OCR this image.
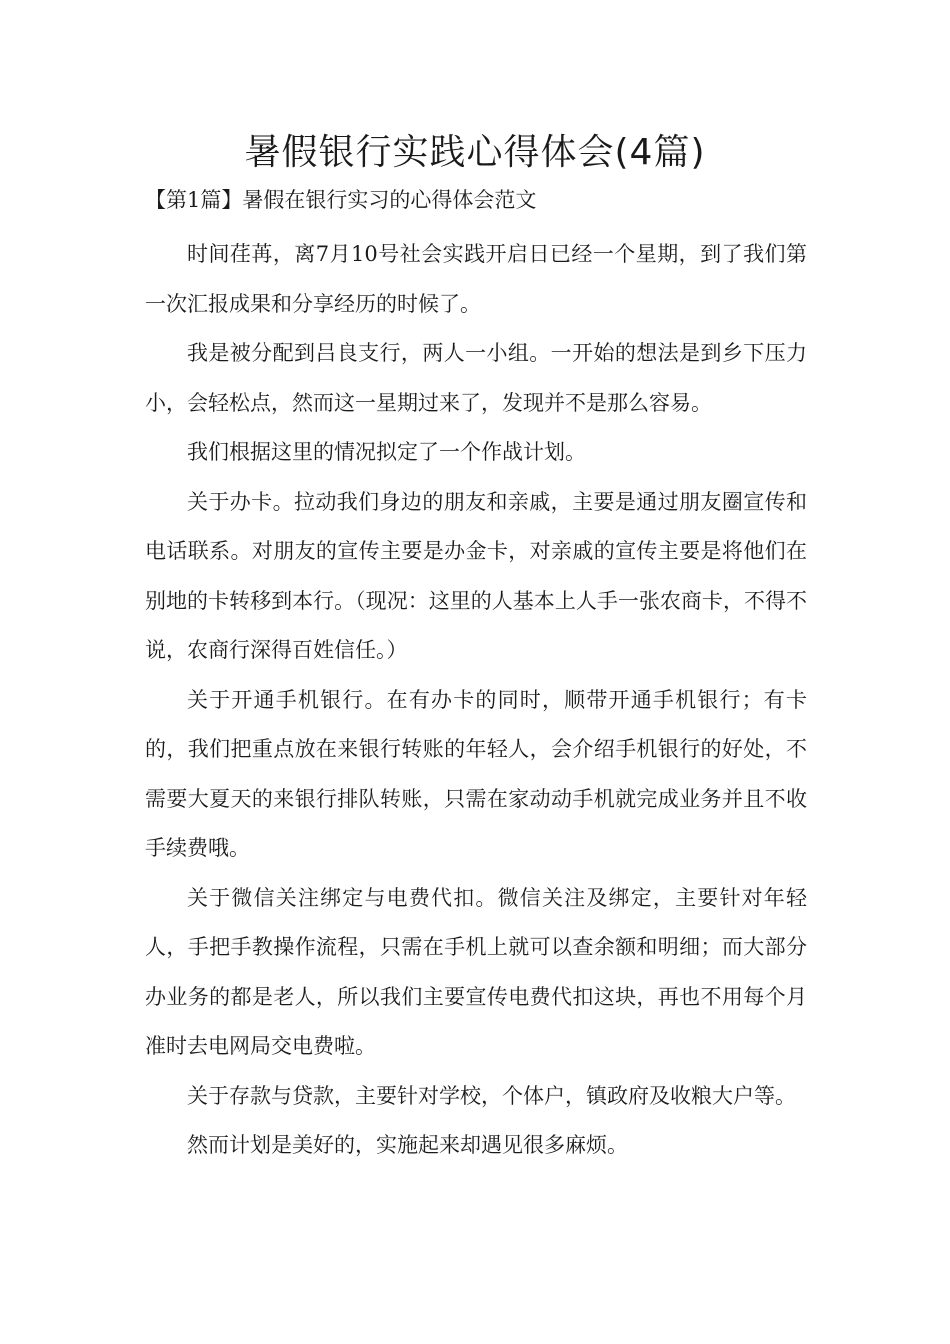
暑假银行实践心得体会(4篇)
【第1篇】暑假在银行实习的心得体会范文

时间荏苒，离7月10号社会实践开启日已经一个星期，到了我们第一次汇报成果和分享经历的时候了。

我是被分配到吕良支行，两人一小组。一开始的想法是到乡下压力小，会轻松点，然而这一星期过来了，发现并不是那么容易。

我们根据这里的情况拟定了一个作战计划。

关于办卡。拉动我们身边的朋友和亲戚，主要是通过朋友圈宣传和电话联系。对朋友的宣传主要是办金卡，对亲戚的宣传主要是将他们在别地的卡转移到本行。（现况：这里的人基本上人手一张农商卡，不得不说，农商行深得百姓信任。）

关于开通手机银行。在有办卡的同时，顺带开通手机银行；有卡的，我们把重点放在来银行转账的年轻人，会介绍手机银行的好处，不需要大夏天的来银行排队转账，只需在家动动手机就完成业务并且不收手续费哦。

关于微信关注绑定与电费代扣。微信关注及绑定，主要针对年轻人，手把手教操作流程，只需在手机上就可以查余额和明细；而大部分办业务的都是老人，所以我们主要宣传电费代扣这块，再也不用每个月准时去电网局交电费啦。

关于存款与贷款，主要针对学校，个体户，镇政府及收粮大户等。

然而计划是美好的，实施起来却遇见很多麻烦。
